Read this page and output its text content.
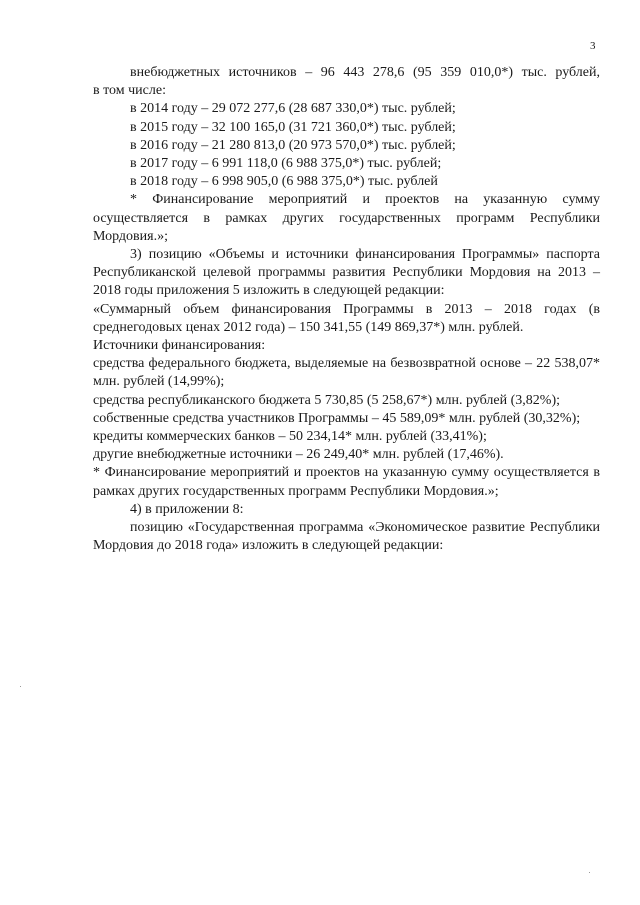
3

внебюджетных источников – 96 443 278,6 (95 359 010,0*) тыс. рублей,

в том числе:

в 2014 году – 29 072 277,6 (28 687 330,0*) тыс. рублей;

в 2015 году – 32 100 165,0 (31 721 360,0*) тыс. рублей;

в 2016 году – 21 280 813,0 (20 973 570,0*) тыс. рублей;

в 2017 году – 6 991 118,0 (6 988 375,0*) тыс. рублей;

в 2018 году – 6 998 905,0 (6 988 375,0*) тыс. рублей

* Финансирование мероприятий и проектов на указанную сумму осуществляется в рамках других государственных программ Республики Мордовия.»;

3) позицию «Объемы и источники финансирования Программы» паспорта Республиканской целевой программы развития Республики Мордовия на 2013 – 2018 годы приложения 5 изложить в следующей редакции:

«Суммарный объем финансирования Программы в 2013 – 2018 годах (в среднегодовых ценах 2012 года) – 150 341,55 (149 869,37*) млн. рублей.

Источники финансирования:

средства федерального бюджета, выделяемые на безвозвратной основе – 22 538,07* млн. рублей (14,99%);

средства республиканского бюджета 5 730,85 (5 258,67*) млн. рублей (3,82%);

собственные средства участников Программы – 45 589,09* млн. рублей (30,32%);

кредиты коммерческих банков – 50 234,14* млн. рублей (33,41%);

другие внебюджетные источники – 26 249,40* млн. рублей (17,46%).

* Финансирование мероприятий и проектов на указанную сумму осуществляется в рамках других государственных программ Республики Мордовия.»;

4) в приложении 8:

позицию «Государственная программа «Экономическое развитие Республики Мордовия до 2018 года» изложить в следующей редакции:
